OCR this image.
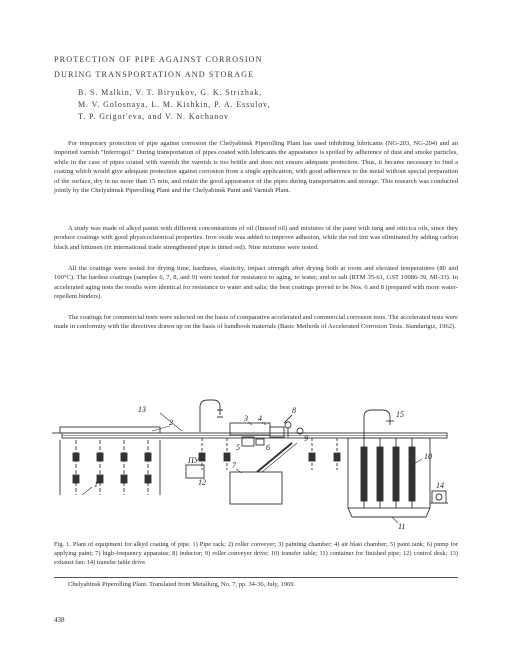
PROTECTION OF PIPE AGAINST CORROSION
DURING TRANSPORTATION AND STORAGE
B. S. Malkin, V. T. Biryukov, G. K. Strizhak,
M. V. Golosnaya, L. M. Kishkin, P. A. Essulov,
T. P. Grigor'eva, and V. N. Kochanov

For temporary protection of pipe against corrosion the Chelyabinsk Piperolling Plant has used inhibiting lubricants (NG-203, NG-204) and an imported varnish "Inferrogol." During transportation of pipes coated with lubricants the appearance is spoiled by adherence of dust and smoke particles, while in the case of pipes coated with varnish the varnish is too brittle and does not ensure adequate protection. Thus, it became necessary to find a coating which would give adequate protection against corrosion from a single application, with good adherence to the metal without special preparation of the surface, dry in no more than 15 min, and retain the good appearance of the pipes during transportation and storage. This research was conducted jointly by the Chelyabinsk Piperolling Plant and the Chelyabinsk Paint and Varnish Plant.

A study was made of alkyd paints with different concentrations of oil (linseed oil) and mixtures of the paint with tung and oiticica oils, since they produce coatings with good physicochemical properties. Iron oxide was added to improve adhesion, while the red tint was eliminated by adding carbon black and bitumen (in international trade strengthened pipe is tinted red). Nine mixtures were tested.

All the coatings were tested for drying time, hardness, elasticity, impact strength after drying both at room and elevated temperatures (80 and 100°C). The hardest coatings (samples 6, 7, 8, and 9) were tested for resistance to aging, to water, and to salt (RTM 35-61, GST 10086-39, MI-33). In accelerated aging tests the results were identical for resistance to water and salts; the best coatings proved to be Nos. 6 and 8 (prepared with more water-repellent binders).

The coatings for commercial tests were selected on the basis of comparative accelerated and commercial corrosion tests. The accelerated tests were made in conformity with the directives drawn up on the basis of handbook materials (Basic Methods of Accelerated Corrosion Tests. Standartgiz, 1962).

13
2	3 4
8
5	6
9
7
ПУ
12
1
10
11
14
15
Fig. 1. Plant of equipment for alkyd coating of pipe. 1) Pipe rack; 2) roller conveyer; 3) painting chamber; 4) air blast chamber; 5) paint tank; 6) pump for applying paint; 7) high-frequency apparatus; 8) inductor; 9) roller conveyer drive; 10) transfer table; 11) container for finished pipe; 12) control desk; 13) exhaust fan; 14) transfer table drive.
Chelyabinsk Piperolling Plant. Translated from Metallurg, No. 7, pp. 34-36, July, 1969.
438
